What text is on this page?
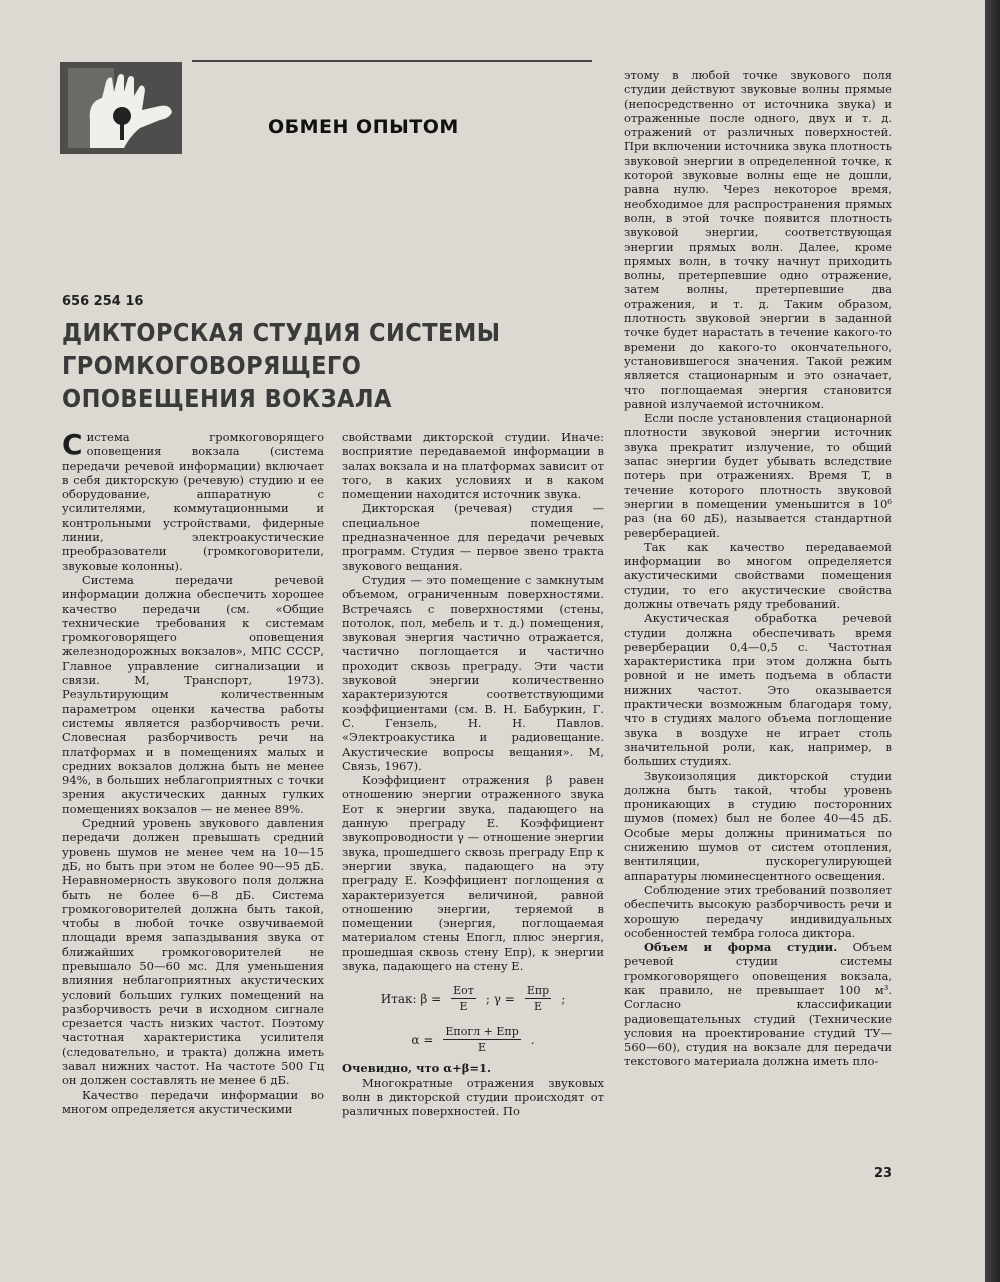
ОБМЕН ОПЫТОМ
656 254 16
ДИКТОРСКАЯ СТУДИЯ СИСТЕМЫ
ГРОМКОГОВОРЯЩЕГО ОПОВЕЩЕНИЯ ВОКЗАЛА

Система громкоговорящего оповещения вокзала (система передачи речевой информации) включает в себя дикторскую (речевую) студию и ее оборудование, аппаратную с усилителями, коммутационными и контрольными устройствами, фидерные линии, электроакустические преобразователи (громкоговорители, звуковые колонны).

Система передачи речевой информации должна обеспечить хорошее качество передачи (см. «Общие технические требования к системам громкоговорящего оповещения железнодорожных вокзалов», МПС СССР, Главное управление сигнализации и связи. М, Транспорт, 1973). Результирующим количественным параметром оценки качества работы системы является разборчивость речи. Словесная разборчивость речи на платформах и в помещениях малых и средних вокзалов должна быть не менее 94%, в больших неблагоприятных с точки зрения акустических данных гулких помещениях вокзалов — не менее 89%.

Средний уровень звукового давления передачи должен превышать средний уровень шумов не менее чем на 10—15 дБ, но быть при этом не более 90—95 дБ. Неравномерность звукового поля должна быть не более 6—8 дБ. Система громкоговорителей должна быть такой, чтобы в любой точке озвучиваемой площади время запаздывания звука от ближайших громкоговорителей не превышало 50—60 мс. Для уменьшения влияния неблагоприятных акустических условий больших гулких помещений на разборчивость речи в исходном сигнале срезается часть низких частот. Поэтому частотная характеристика усилителя (следовательно, и тракта) должна иметь завал нижних частот. На частоте 500 Гц он должен составлять не менее 6 дБ.

Качество передачи информации во многом определяется акустическими

свойствами дикторской студии. Иначе: восприятие передаваемой информации в залах вокзала и на платформах зависит от того, в каких условиях и в каком помещении находится источник звука.

Дикторская (речевая) студия — специальное помещение, предназначенное для передачи речевых программ. Студия — первое звено тракта звукового вещания.

Студия — это помещение с замкнутым объемом, ограниченным поверхностями. Встречаясь с поверхностями (стены, потолок, пол, мебель и т. д.) помещения, звуковая энергия частично отражается, частично поглощается и частично проходит сквозь преграду. Эти части звуковой энергии количественно характеризуются соответствующими коэффициентами (см. В. Н. Бабуркин, Г. С. Гензель, Н. Н. Павлов. «Электроакустика и радиовещание. Акустические вопросы вещания». М, Связь, 1967).

Коэффициент отражения β равен отношению энергии отраженного звука Eот к энергии звука, падающего на данную преграду E. Коэффициент звукопроводности γ — отношение энергии звука, прошедшего сквозь преграду Eпр к энергии звука, падающего на эту преграду E. Коэффициент поглощения α характеризуется величиной, равной отношению энергии, теряемой в помещении (энергия, поглощаемая материалом стены Eпогл, плюс энергия, прошедшая сквозь стену Eпр), к энергии звука, падающего на стену E.

Итак: $\beta = \frac{\text{Eот}}{E}$ ; $\gamma = \frac{\text{Eпр}}{E}$ ;
$\alpha = \frac{\text{Eпогл + Eпр}}{E}$ .

Очевидно, что α+β=1.

Многократные отражения звуковых волн в дикторской студии происходят от различных поверхностей. По

этому в любой точке звукового поля студии действуют звуковые волны прямые (непосредственно от источника звука) и отраженные после одного, двух и т. д. отражений от различных поверхностей. При включении источника звука плотность звуковой энергии в определенной точке, к которой звуковые волны еще не дошли, равна нулю. Через некоторое время, необходимое для распространения прямых волн, в этой точке появится плотность звуковой энергии, соответствующая энергии прямых волн. Далее, кроме прямых волн, в точку начнут приходить волны, претерпевшие одно отражение, затем волны, претерпевшие два отражения, и т. д. Таким образом, плотность звуковой энергии в заданной точке будет нарастать в течение какого-то времени до какого-то окончательного, установившегося значения. Такой режим является стационарным и это означает, что поглощаемая энергия становится равной излучаемой источником.

Если после установления стационарной плотности звуковой энергии источник звука прекратит излучение, то общий запас энергии будет убывать вследствие потерь при отражениях. Время T, в течение которого плотность звуковой энергии в помещении уменьшится в 10⁶ раз (на 60 дБ), называется стандартной реверберацией.

Так как качество передаваемой информации во многом определяется акустическими свойствами помещения студии, то его акустические свойства должны отвечать ряду требований.

Акустическая обработка речевой студии должна обеспечивать время реверберации 0,4—0,5 с. Частотная характеристика при этом должна быть ровной и не иметь подъема в области нижних частот. Это оказывается практически возможным благодаря тому, что в студиях малого объема поглощение звука в воздухе не играет столь значительной роли, как, например, в больших студиях.

Звукоизоляция дикторской студии должна быть такой, чтобы уровень проникающих в студию посторонних шумов (помех) был не более 40—45 дБ. Особые меры должны приниматься по снижению шумов от систем отопления, вентиляции, пускорегулирующей аппаратуры люминесцентного освещения.

Соблюдение этих требований позволяет обеспечить высокую разборчивость речи и хорошую передачу индивидуальных особенностей тембра голоса диктора.

Объем и форма студии. Объем речевой студии системы громкоговорящего оповещения вокзала, как правило, не превышает 100 м³. Согласно классификации радиовещательных студий (Технические условия на проектирование студий ТУ—560—60), студия на вокзале для передачи текстового материала должна иметь пло-

23
